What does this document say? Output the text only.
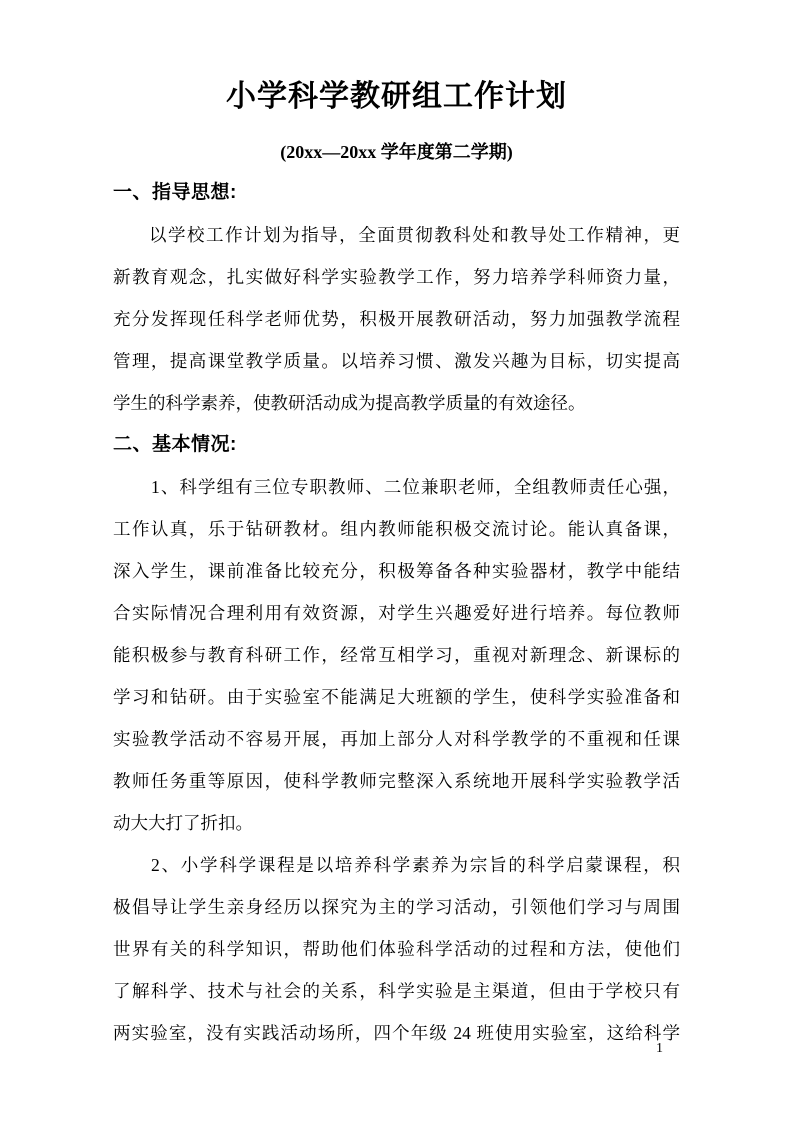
小学科学教研组工作计划
(20xx—20xx 学年度第二学期)
一、指导思想:
以学校工作计划为指导，全面贯彻教科处和教导处工作精神，更
新教育观念，扎实做好科学实验教学工作，努力培养学科师资力量，
充分发挥现任科学老师优势，积极开展教研活动，努力加强教学流程
管理，提高课堂教学质量。以培养习惯、激发兴趣为目标，切实提高
学生的科学素养，使教研活动成为提高教学质量的有效途径。
二、基本情况:
1、科学组有三位专职教师、二位兼职老师，全组教师责任心强，
工作认真，乐于钻研教材。组内教师能积极交流讨论。能认真备课，
深入学生，课前准备比较充分，积极筹备各种实验器材，教学中能结
合实际情况合理利用有效资源，对学生兴趣爱好进行培养。每位教师
能积极参与教育科研工作，经常互相学习，重视对新理念、新课标的
学习和钻研。由于实验室不能满足大班额的学生，使科学实验准备和
实验教学活动不容易开展，再加上部分人对科学教学的不重视和任课
教师任务重等原因，使科学教师完整深入系统地开展科学实验教学活
动大大打了折扣。
2、小学科学课程是以培养科学素养为宗旨的科学启蒙课程，积
极倡导让学生亲身经历以探究为主的学习活动，引领他们学习与周围
世界有关的科学知识，帮助他们体验科学活动的过程和方法，使他们
了解科学、技术与社会的关系，科学实验是主渠道，但由于学校只有
两实验室，没有实践活动场所，四个年级 24 班使用实验室，这给科学
1
